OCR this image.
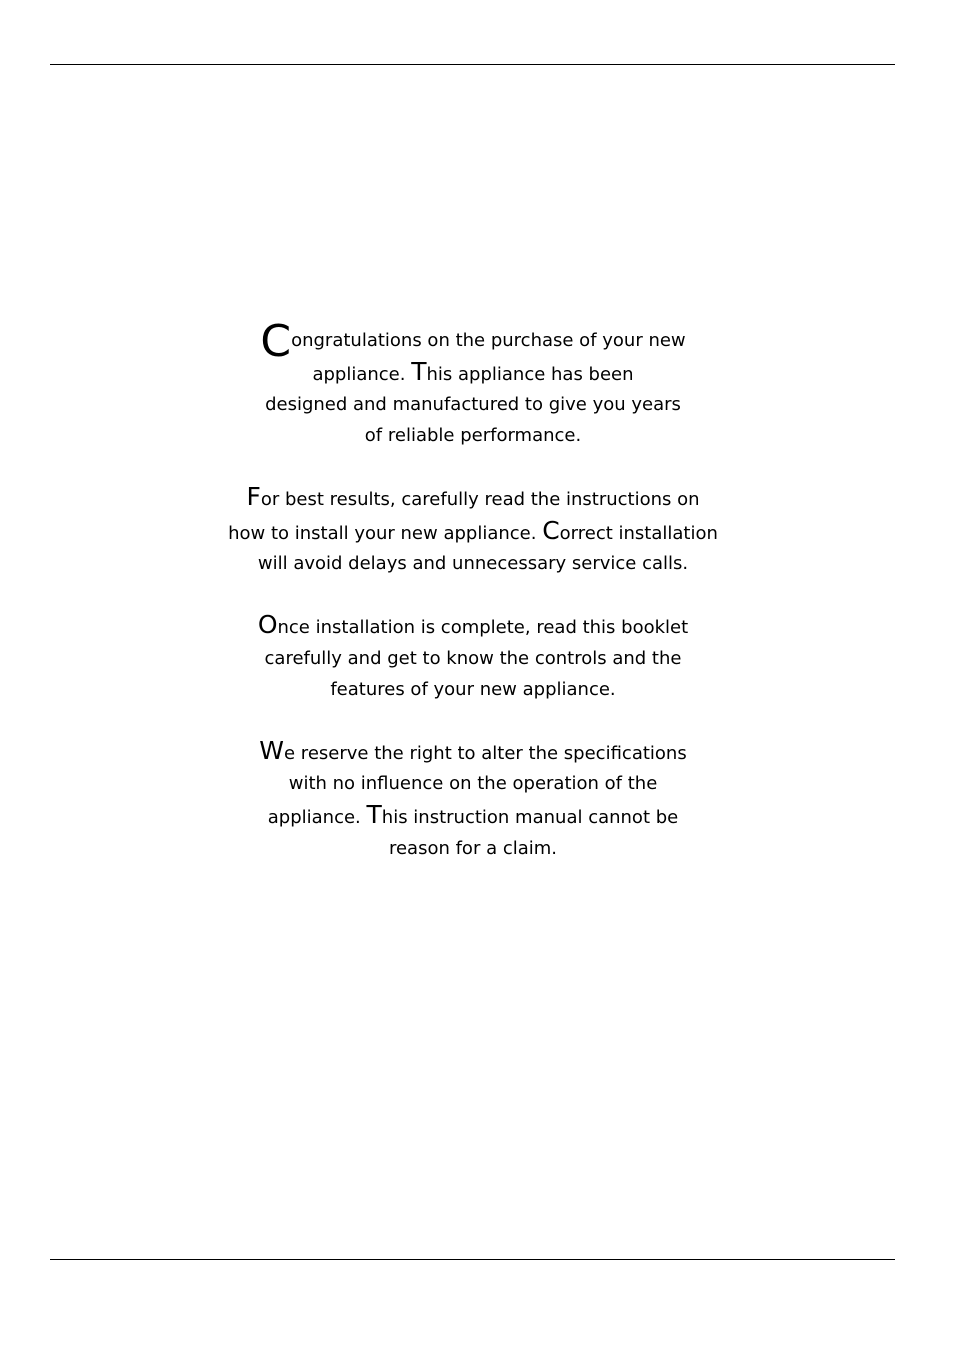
Congratulations on the purchase of your new
appliance. This appliance has been
designed and manufactured to give you years
of reliable performance.

For best results, carefully read the instructions on
how to install your new appliance. Correct installation
will avoid delays and unnecessary service calls.

Once installation is complete, read this booklet
carefully and get to know the controls and the
features of your new appliance.

We reserve the right to alter the specifications
with no influence on the operation of the
appliance. This instruction manual cannot be
reason for a claim.
